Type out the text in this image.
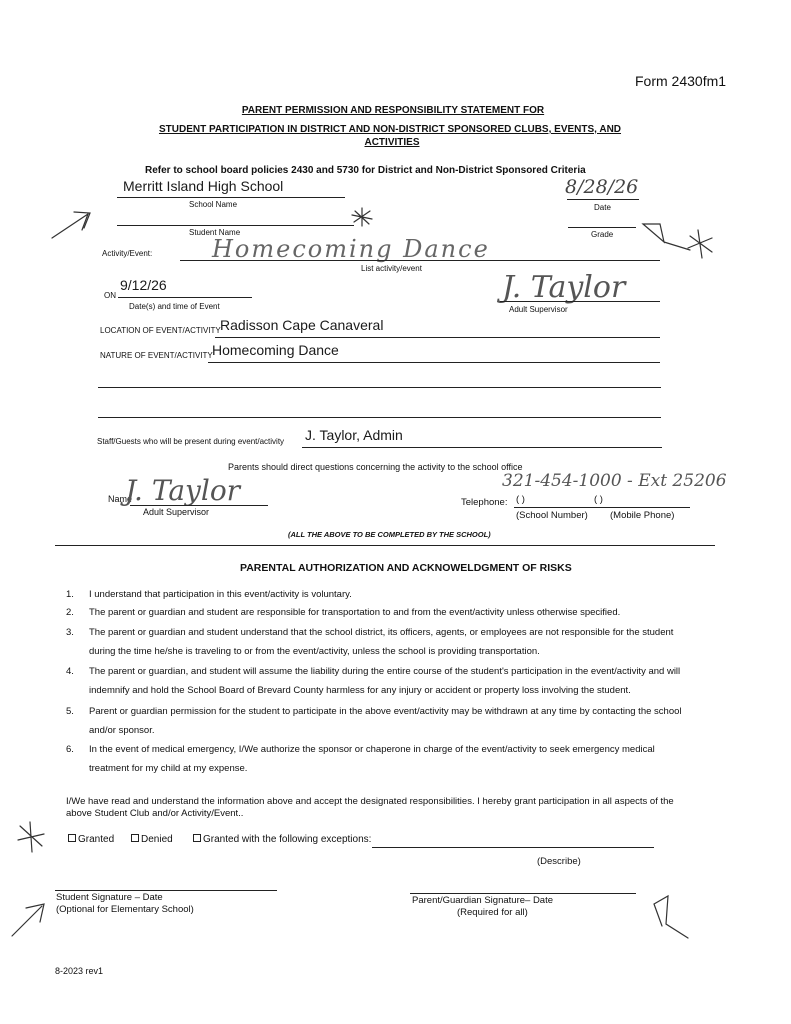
Form 2430fm1
PARENT PERMISSION AND RESPONSIBILITY STATEMENT FOR
STUDENT PARTICIPATION IN DISTRICT AND NON-DISTRICT SPONSORED CLUBS, EVENTS, AND
ACTIVITIES
Refer to school board policies 2430 and 5730 for District and Non-District Sponsored Criteria
Merritt Island High School
School Name
8/28/26
Date
Student Name	Grade
Activity/Event: Homecoming Dance
List activity/event
ON
9/12/26
Date(s) and time of Event
J. Taylor
Adult Supervisor
LOCATION OF EVENT/ACTIVITY Radisson Cape Canaveral
NATURE OF EVENT/ACTIVITY Homecoming Dance
Staff/Guests who will be present during event/activity J. Taylor, Admin
Parents should direct questions concerning the activity to the school office
Name
J. Taylor
Adult Supervisor
321-454-1000 - Ext 25206
Telephone: ( )	( )
(School Number) (Mobile Phone)
(ALL THE ABOVE TO BE COMPLETED BY THE SCHOOL)
PARENTAL AUTHORIZATION AND ACKNOWELDGMENT OF RISKS
1.	I understand that participation in this event/activity is voluntary.
2.	The parent or guardian and student are responsible for transportation to and from the event/activity unless otherwise specified.
3.	The parent or guardian and student understand that the school district, its officers, agents, or employees are not responsible for the student
during the time he/she is traveling to or from the event/activity, unless the school is providing transportation.
4.	The parent or guardian, and student will assume the liability during the entire course of the student's participation in the event/activity and will
indemnify and hold the School Board of Brevard County harmless for any injury or accident or property loss involving the student.
5.	Parent or guardian permission for the student to participate in the above event/activity may be withdrawn at any time by contacting the school
and/or sponsor.
6.	In the event of medical emergency, I/We authorize the sponsor or chaperone in charge of the event/activity to seek emergency medical
treatment for my child at my expense.
I/We have read and understand the information above and accept the designated responsibilities. I hereby grant participation in all aspects of the
above Student Club and/or Activity/Event..
Granted	Denied	Granted with the following exceptions:
(Describe)
Student Signature – Date
(Optional for Elementary School)
Parent/Guardian Signature– Date
(Required for all)
8-2023 rev1
